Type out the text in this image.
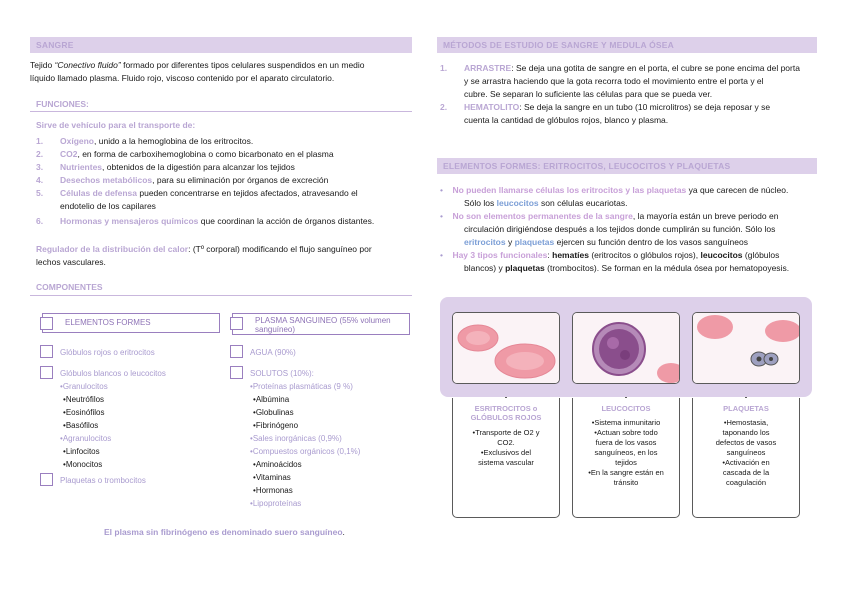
SANGRE
Tejido “Conectivo fluido” formado por diferentes tipos celulares suspendidos en un medio
líquido llamado plasma. Fluido rojo, viscoso contenido por el aparato circulatorio.
FUNCIONES:
Sirve de vehículo para el transporte de:
1. Oxígeno, unido a la hemoglobina de los eritrocitos.
2. CO2, en forma de carboxihemoglobina o como bicarbonato en el plasma
3. Nutrientes, obtenidos de la digestión para alcanzar los tejidos
4. Desechos metabólicos, para su eliminación por órganos de excreción
5. Células de defensa pueden concentrarse en tejidos afectados, atravesando el
endotelio de los capilares
6. Hormonas y mensajeros químicos que coordinan la acción de órganos distantes.
Regulador de la distribución del calor: (Tº corporal) modificando el flujo sanguíneo por
lechos vasculares.
COMPONENTES
ELEMENTOS FORMES
Glóbulos rojos o eritrocitos
Glóbulos blancos o leucocitos
•Granulocitos
•Neutrófilos
•Eosinófilos
•Basófilos
•Agranulocitos
•Linfocitos
•Monocitos
Plaquetas o trombocitos
PLASMA SANGUINEO (55% volumen sanguíneo)
AGUA (90%)
SOLUTOS (10%):
•Proteínas plasmáticas (9 %)
•Albúmina
•Globulinas
•Fibrinógeno
•Sales inorgánicas (0,9%)
•Compuestos orgánicos (0,1%)
•Aminoácidos
•Vitaminas
•Hormonas
•Lipoproteínas
El plasma sin fibrinógeno es denominado suero sanguíneo.
MÉTODOS DE ESTUDIO DE SANGRE Y MEDULA ÓSEA
1. ARRASTRE: Se deja una gotita de sangre en el porta, el cubre se pone encima del porta
y se arrastra haciendo que la gota recorra todo el movimiento entre el porta y el
cubre. Se separan lo suficiente las células para que se pueda ver.
2. HEMATOLITO: Se deja la sangre en un tubo (10 microlitros) se deja reposar y se
cuenta la cantidad de glóbulos rojos, blanco y plasma.
ELEMENTOS FORMES: ERITROCITOS, LEUCOCITOS Y PLAQUETAS
• No pueden llamarse células los eritrocitos y las plaquetas ya que carecen de núcleo.
Sólo los leucocitos son células eucariotas.
• No son elementos permanentes de la sangre, la mayoría están un breve periodo en
circulación dirigiéndose después a los tejidos donde cumplirán su función. Sólo los
eritrocitos y plaquetas ejercen su función dentro de los vasos sanguíneos
• Hay 3 tipos funcionales: hematíes (eritrocitos o glóbulos rojos), leucocitos (glóbulos
blancos) y plaquetas (trombocitos). Se forman en la médula ósea por hematopoyesis.
ESRITROCITOS o
GLÓBULOS ROJOS
•Transporte de O2 y
CO2.
•Exclusivos del
sistema vascular
LEUCOCITOS
•Sistema inmunitario
•Actuan sobre todo
fuera de los vasos
sanguíneos, en los
tejidos
•En la sangre están en
tránsito
PLAQUETAS
•Hemostasia,
taponando los
defectos de vasos
sanguíneos
•Activación en
cascada de la
coagulación
